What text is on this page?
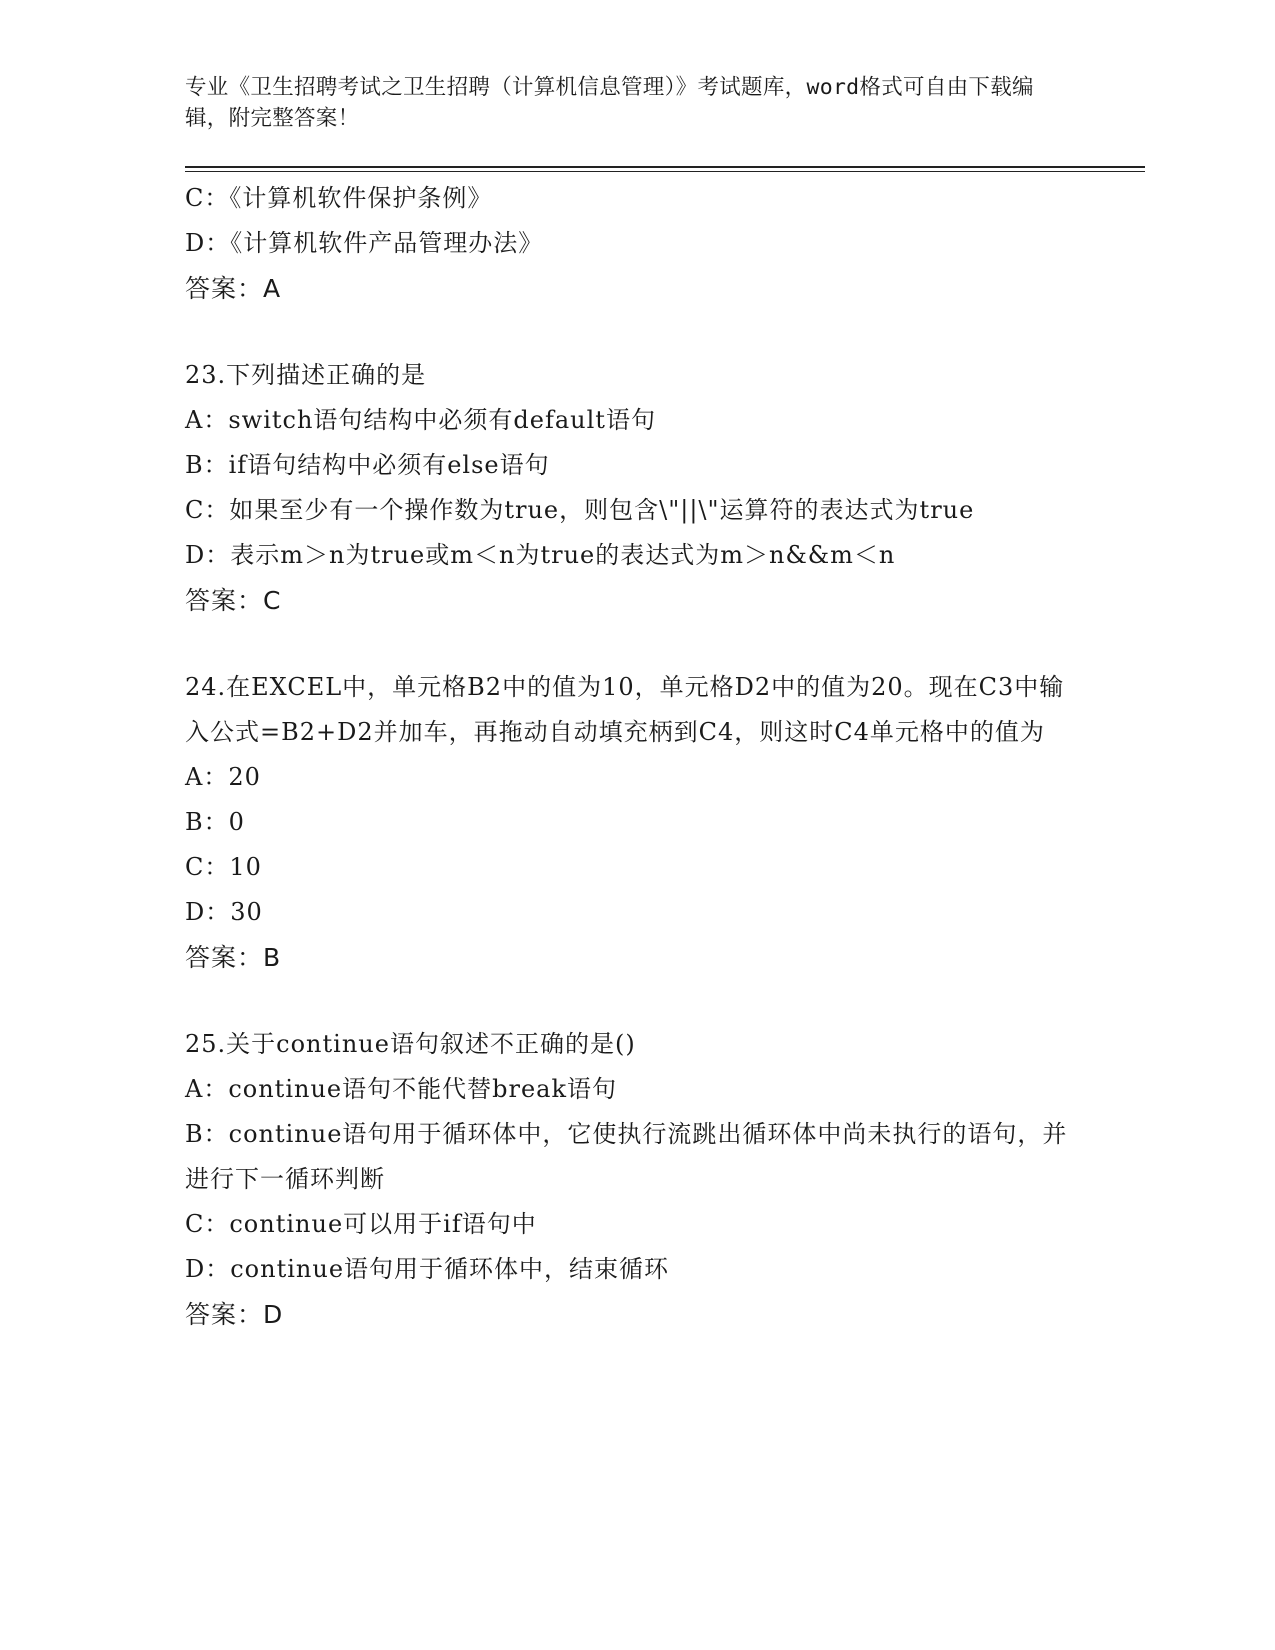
专业《卫生招聘考试之卫生招聘（计算机信息管理）》考试题库，word格式可自由下载编辑，附完整答案！

C：《计算机软件保护条例》

D：《计算机软件产品管理办法》

答案：A

23.下列描述正确的是

A：switch语句结构中必须有default语句

B：if语句结构中必须有else语句

C：如果至少有一个操作数为true，则包含\"||\"运算符的表达式为true

D：表示m＞n为true或m＜n为true的表达式为m＞n&&m＜n

答案：C

24.在EXCEL中，单元格B2中的值为10，单元格D2中的值为20。现在C3中输入公式=B2+D2并加车，再拖动自动填充柄到C4，则这时C4单元格中的值为

A：20

B：0

C：10

D：30

答案：B

25.关于continue语句叙述不正确的是()

A：continue语句不能代替break语句

B：continue语句用于循环体中，它使执行流跳出循环体中尚未执行的语句，并进行下一循环判断

C：continue可以用于if语句中

D：continue语句用于循环体中，结束循环

答案：D
